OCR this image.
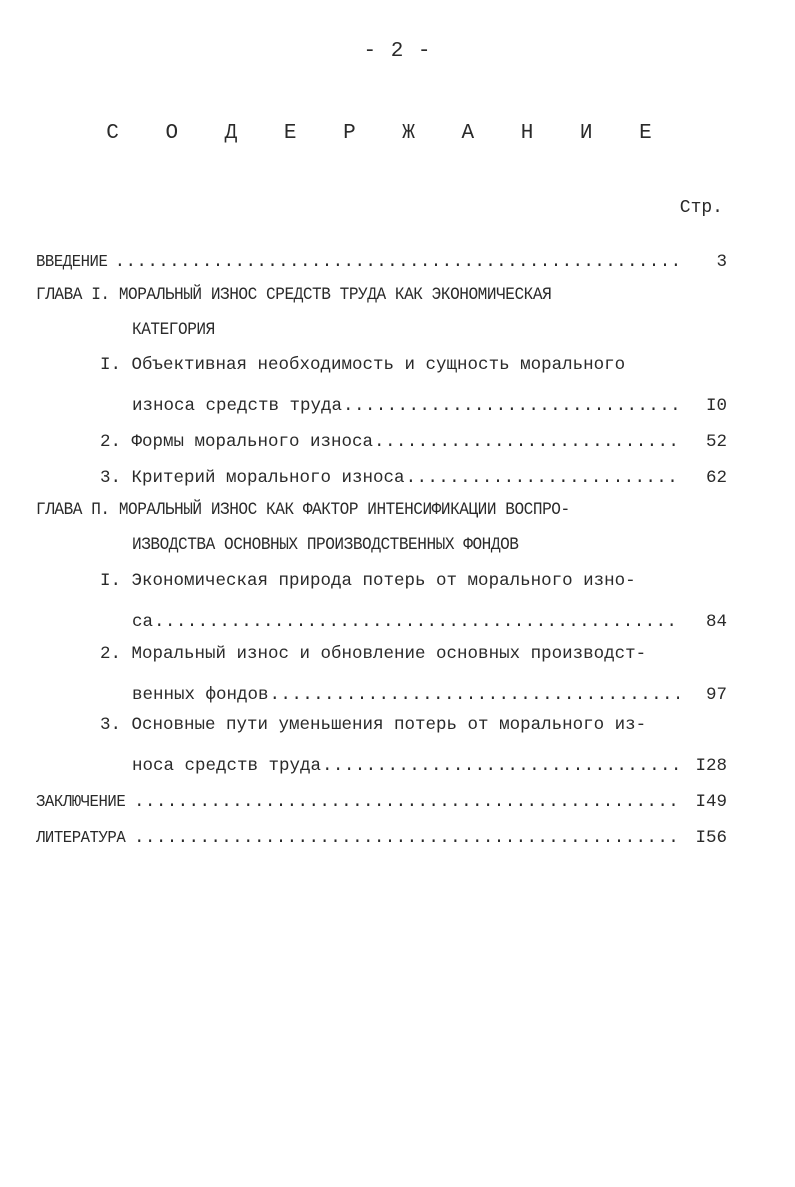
- 2 -
С О Д Е Р Ж А Н И Е
Стр.
ВВЕДЕНИЕ .....	3
ГЛАВА I. МОРАЛЬНЫЙ ИЗНОС СРЕДСТВ ТРУДА КАК ЭКОНОМИЧЕСКАЯ
КАТЕГОРИЯ
I. Объективная необходимость и сущность морального
износа средств труда .....	I0
2. Формы морального износа .....	52
3. Критерий морального износа .....	62
ГЛАВА П. МОРАЛЬНЫЙ ИЗНОС КАК ФАКТОР ИНТЕНСИФИКАЦИИ ВОСПРО-
ИЗВОДСТВА ОСНОВНЫХ ПРОИЗВОДСТВЕННЫХ ФОНДОВ
I. Экономическая природа потерь от морального изно-
са .....	84
2. Моральный износ и обновление основных производст-
венных фондов .....	97
3. Основные пути уменьшения потерь от морального из-
носа средств труда .....	I28
ЗАКЛЮЧЕНИЕ .....	I49
ЛИТЕРАТУРА .....	I56
